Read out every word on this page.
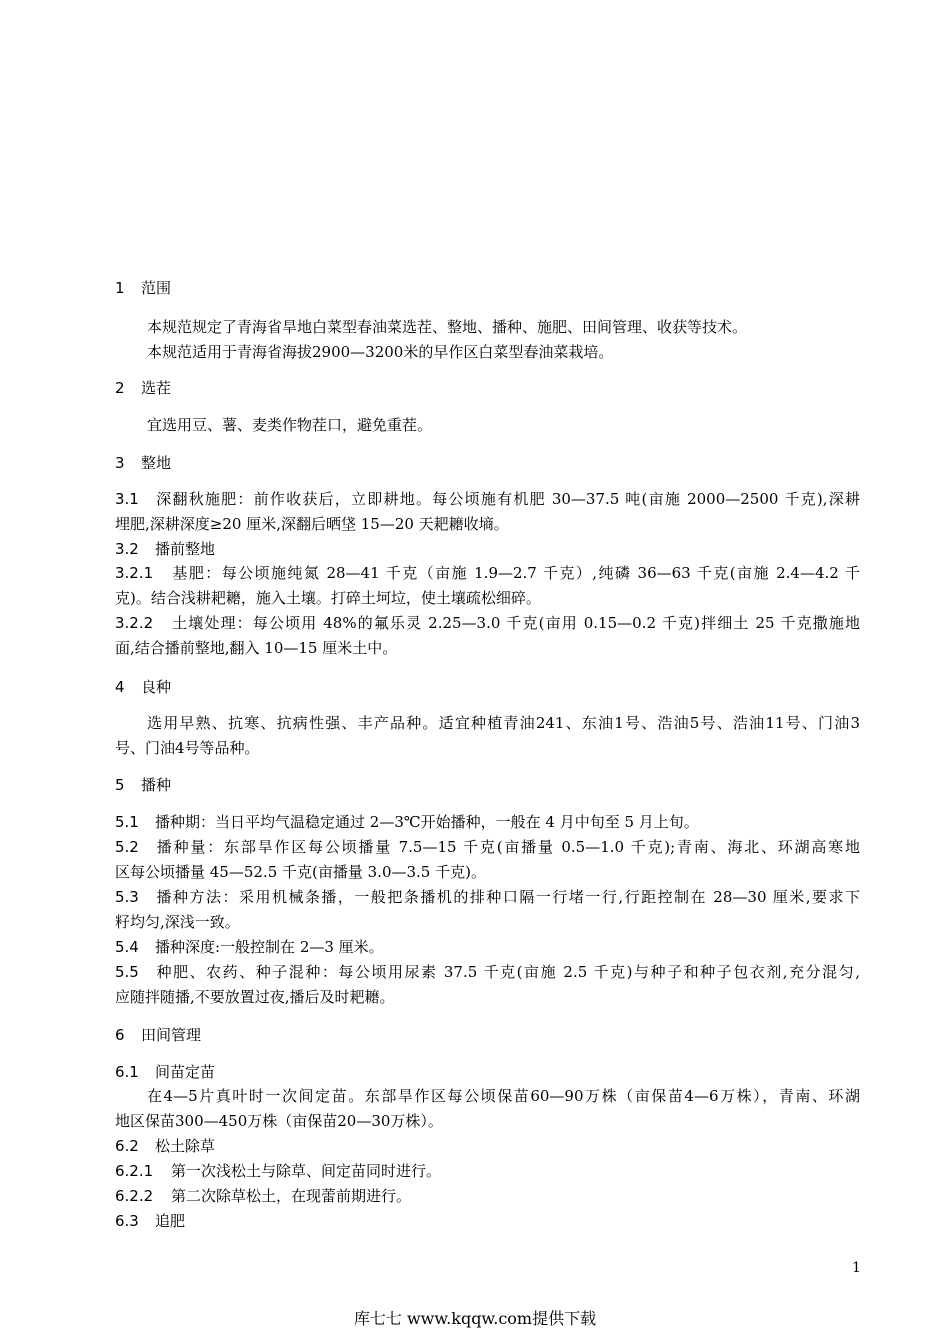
1 范围
本规范规定了青海省旱地白菜型春油菜选茬、整地、播种、施肥、田间管理、收获等技术。
本规范适用于青海省海拔2900—3200米的早作区白菜型春油菜栽培。
2 选茬
宜选用豆、薯、麦类作物茬口，避免重茬。
3 整地
3.1 深翻秋施肥：前作收获后，立即耕地。每公顷施有机肥 30—37.5 吨(亩施 2000—2500 千克),深耕
埋肥,深耕深度≥20 厘米,深翻后晒垡 15—20 天耙耱收墒。
3.2 播前整地
3.2.1 基肥：每公顷施纯氮 28—41 千克（亩施 1.9—2.7 千克）,纯磷 36—63 千克(亩施 2.4—4.2 千
克)。结合浅耕耙耱，施入土壤。打碎土坷垃，使土壤疏松细碎。
3.2.2 土壤处理：每公顷用 48%的氟乐灵 2.25—3.0 千克(亩用 0.15—0.2 千克)拌细土 25 千克撒施地
面,结合播前整地,翻入 10—15 厘米土中。
4 良种
选用早熟、抗寒、抗病性强、丰产品种。适宜种植青油241、东油1号、浩油5号、浩油11号、门油3
号、门油4号等品种。
5 播种
5.1 播种期：当日平均气温稳定通过 2—3℃开始播种，一般在 4 月中旬至 5 月上旬。
5.2 播种量：东部旱作区每公顷播量 7.5—15 千克(亩播量 0.5—1.0 千克);青南、海北、环湖高寒地
区每公顷播量 45—52.5 千克(亩播量 3.0—3.5 千克)。
5.3 播种方法：采用机械条播，一般把条播机的排种口隔一行堵一行,行距控制在 28—30 厘米,要求下
籽均匀,深浅一致。
5.4 播种深度:一般控制在 2—3 厘米。
5.5 种肥、农药、种子混种：每公顷用尿素 37.5 千克(亩施 2.5 千克)与种子和种子包衣剂,充分混匀,
应随拌随播,不要放置过夜,播后及时耙耱。
6 田间管理
6.1 间苗定苗
在4—5片真叶时一次间定苗。东部旱作区每公顷保苗60—90万株（亩保苗4—6万株），青南、环湖
地区保苗300—450万株（亩保苗20—30万株）。
6.2 松土除草
6.2.1 第一次浅松土与除草、间定苗同时进行。
6.2.2 第二次除草松土，在现蕾前期进行。
6.3 追肥
1
库七七 www.kqqw.com提供下载
